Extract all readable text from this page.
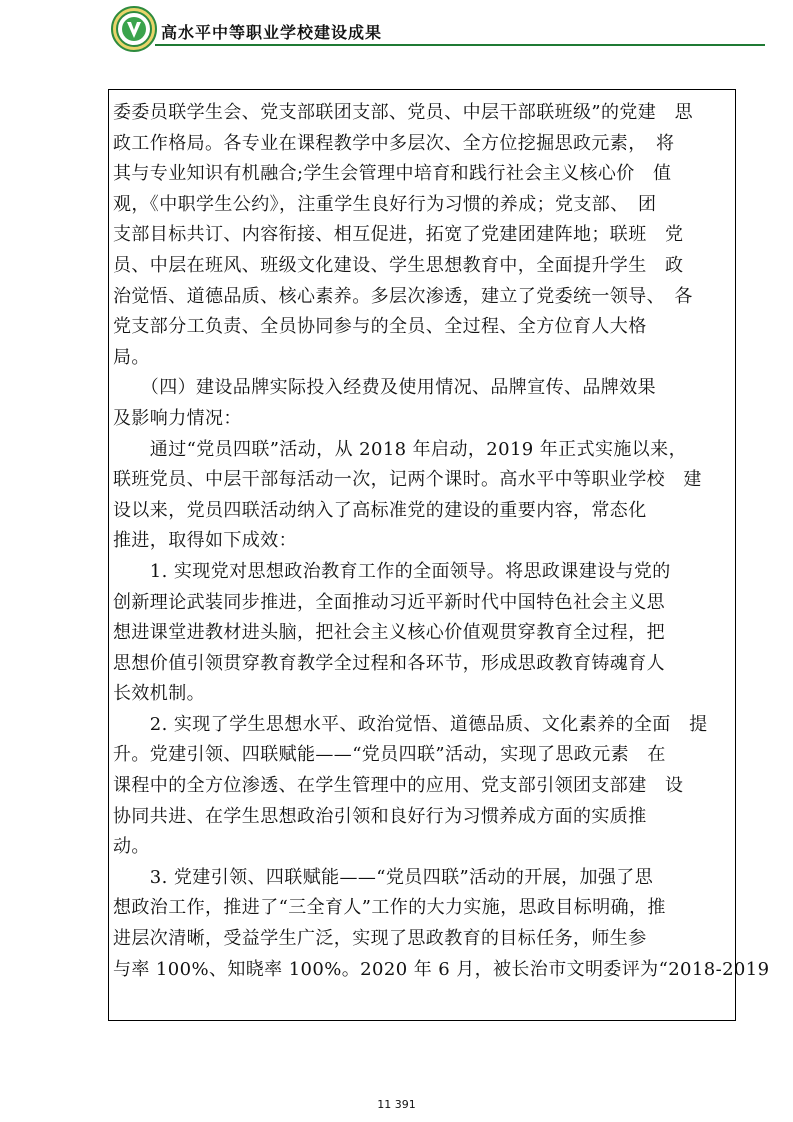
高水平中等职业学校建设成果

委委员联学生会、党支部联团支部、党员、中层干部联班级”的党建　思

政工作格局。各专业在课程教学中多层次、全方位挖掘思政元素，　将

其与专业知识有机融合;学生会管理中培育和践行社会主义核心价　值

观，《中职学生公约》，注重学生良好行为习惯的养成；党支部、　团

支部目标共订、内容衔接、相互促进，拓宽了党建团建阵地；联班　党

员、中层在班风、班级文化建设、学生思想教育中，全面提升学生　政

治觉悟、道德品质、核心素养。多层次渗透，建立了党委统一领导、　各

党支部分工负责、全员协同参与的全员、全过程、全方位育人大格

局。

　　（四）建设品牌实际投入经费及使用情况、品牌宣传、品牌效果

及影响力情况：

　　通过“党员四联”活动，从 2018 年启动，2019 年正式实施以来，

联班党员、中层干部每活动一次，记两个课时。高水平中等职业学校　建

设以来，党员四联活动纳入了高标准党的建设的重要内容，常态化

推进，取得如下成效：

　　1. 实现党对思想政治教育工作的全面领导。将思政课建设与党的

创新理论武装同步推进，全面推动习近平新时代中国特色社会主义思

想进课堂进教材进头脑，把社会主义核心价值观贯穿教育全过程，把

思想价值引领贯穿教育教学全过程和各环节，形成思政教育铸魂育人

长效机制。

　　2. 实现了学生思想水平、政治觉悟、道德品质、文化素养的全面　提

升。党建引领、四联赋能——“党员四联”活动，实现了思政元素　在

课程中的全方位渗透、在学生管理中的应用、党支部引领团支部建　设

协同共进、在学生思想政治引领和良好行为习惯养成方面的实质推

动。

　　3. 党建引领、四联赋能——“党员四联”活动的开展，加强了思

想政治工作，推进了“三全育人”工作的大力实施，思政目标明确，推

进层次清晰，受益学生广泛，实现了思政教育的目标任务，师生参

与率 100%、知晓率 100%。2020 年 6 月，被长治市文明委评为“2018-2019

11 391
